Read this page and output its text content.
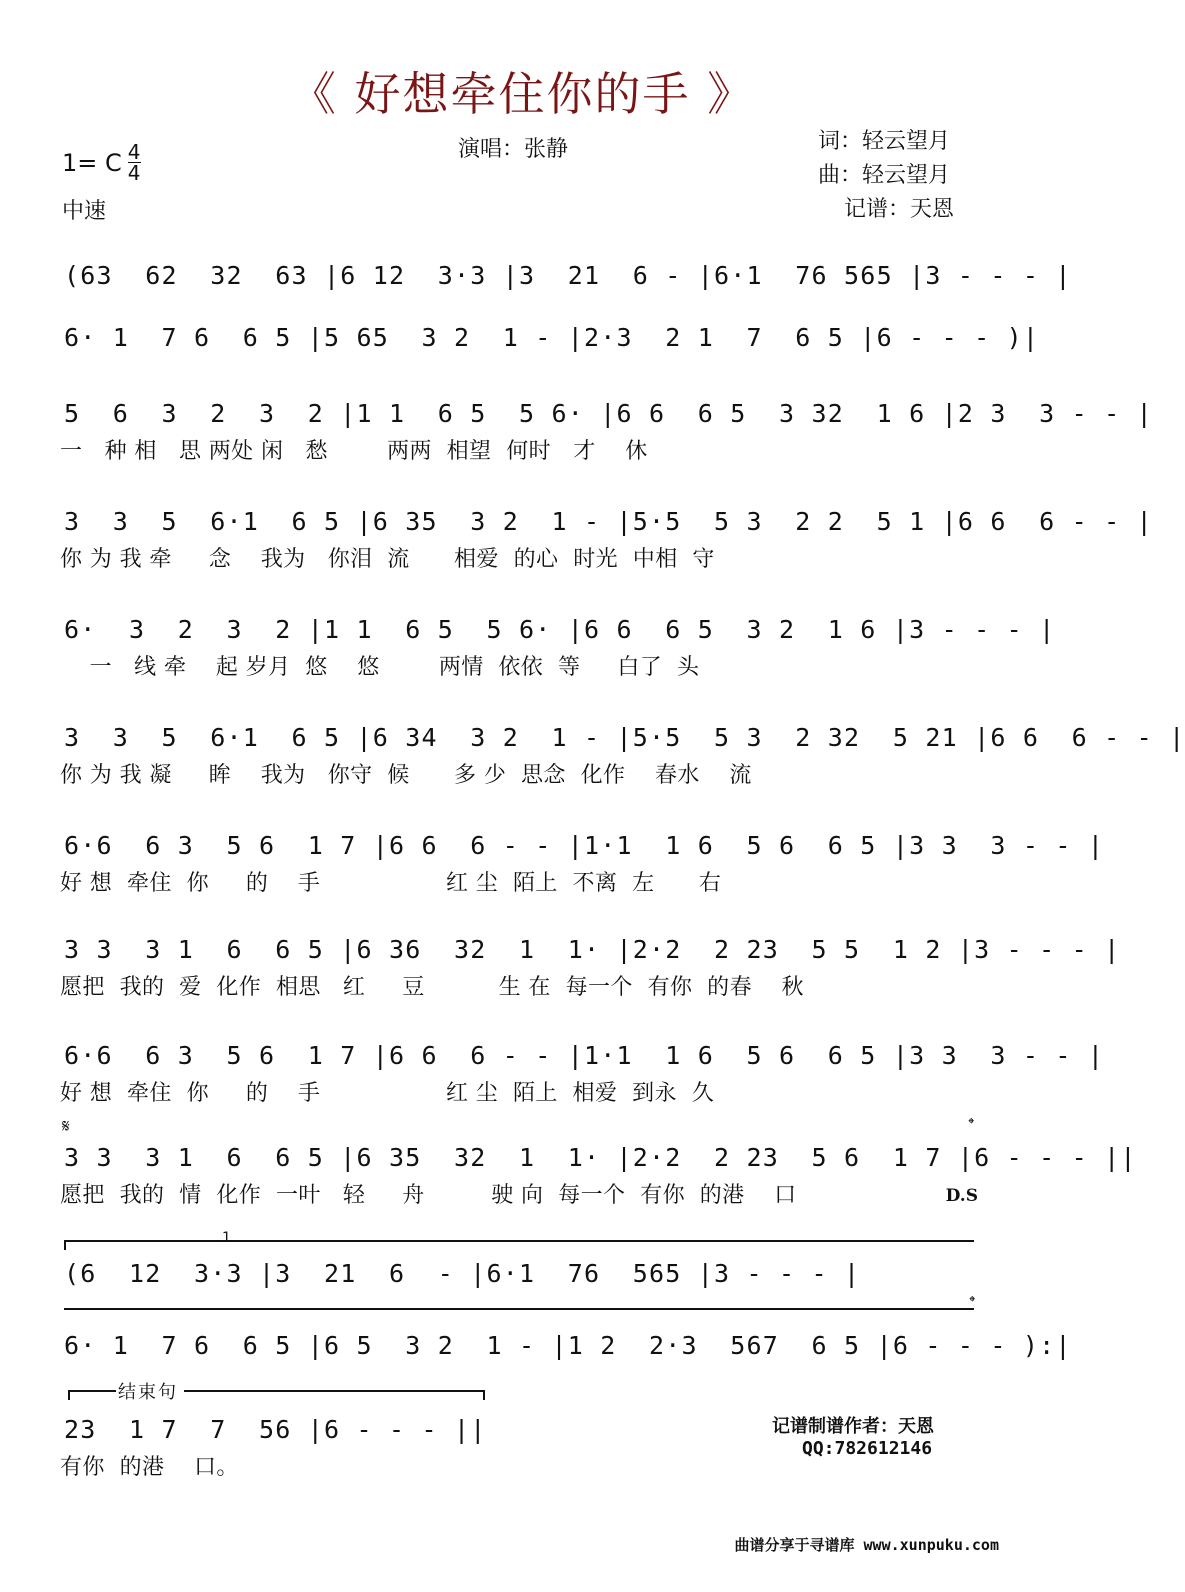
《 好想牵住你的手 》
演唱：张静	词：轻云望月
曲：轻云望月
记谱：天恩
1= C $\frac{4}{4}$
中速
(63  62  32  63 |6 12  3·3 |3  21  6 - |6·1  76 565 |3 - - - |
6· 1  7 6  6 5 |5 65  3 2  1 - |2·3  2 1  7  6 5 |6 - - - )|
5  6  3  2  3  2 |1 1  6 5  5 6· |6 6  6 5  3 32  1 6 |2 3  3 - - |
一   种 相   思 两处 闲   愁        两两  相望  何时   才    休
3  3  5  6·1  6 5 |6 35  3 2  1 - |5·5  5 3  2 2  5 1 |6 6  6 - - |
你 为 我 牵     念    我为   你泪  流      相爱  的心  时光  中相  守
6·  3  2  3  2 |1 1  6 5  5 6· |6 6  6 5  3 2  1 6 |3 - - - |
一   线 牵    起 岁月  悠    悠        两情  依依  等     白了  头
3  3  5  6·1  6 5 |6 34  3 2  1 - |5·5  5 3  2 32  5 21 |6 6  6 - - |
你 为 我 凝     眸    我为   你守  候      多 少  思念  化作    春水    流
6·6  6 3  5 6  1 7 |6 6  6 - - |1·1  1 6  5 6  6 5 |3 3  3 - - |
好 想  牵住  你     的    手                 红 尘  陌上  不离  左      右
3 3  3 1  6  6 5 |6 36  32  1  1· |2·2  2 23  5 5  1 2 |3 - - - |
愿把  我的  爱  化作  相思   红     豆          生 在  每一个  有你  的春    秋
6·6  6 3  5 6  1 7 |6 6  6 - - |1·1  1 6  5 6  6 5 |3 3  3 - - |
好 想  牵住  你     的    手                 红 尘  陌上  相爱  到永  久
𝄋	𝄌
3 3  3 1  6  6 5 |6 35  32  1  1· |2·2  2 23  5 6  1 7 |6 - - - ||
愿把  我的  情  化作  一叶   轻     舟         驶 向  每一个  有你  的港    口	D.S
1
(6  12  3·3 |3  21  6  - |6·1  76  565 |3 - - - |
𝄌
6· 1  7 6  6 5 |6 5  3 2  1 - |1 2  2·3  567  6 5 |6 - - - ):|
结束句
23  1 7  7  56 |6 - - - ||
有你  的港    口。
记谱制谱作者：天恩
QQ:782612146
曲谱分享于寻谱库 www.xunpuku.com
